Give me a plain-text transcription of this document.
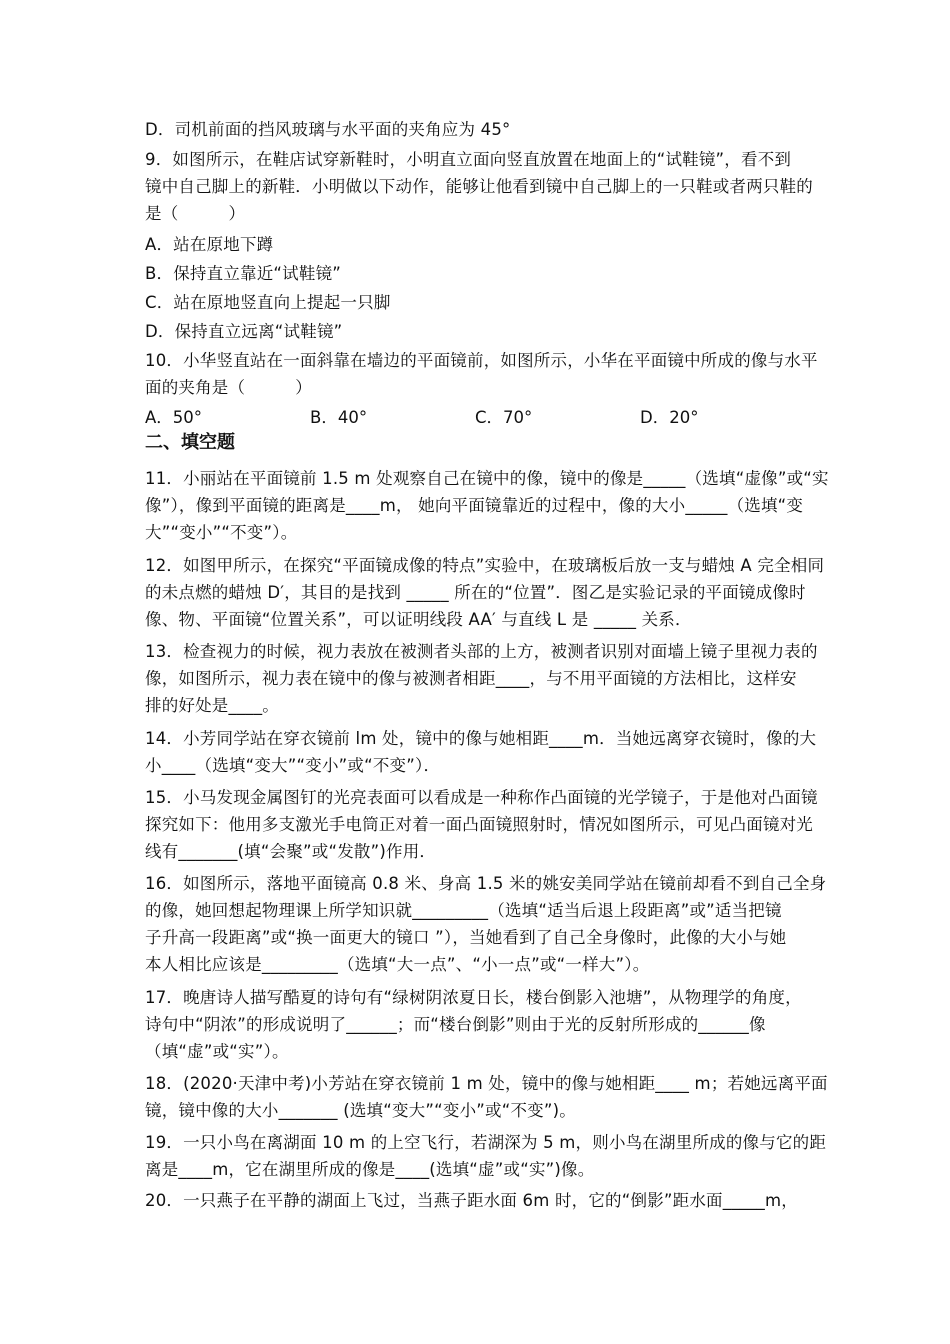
D．司机前面的挡风玻璃与水平面的夹角应为 45°
9．如图所示，在鞋店试穿新鞋时，小明直立面向竖直放置在地面上的“试鞋镜”，看不到
镜中自己脚上的新鞋．小明做以下动作，能够让他看到镜中自己脚上的一只鞋或者两只鞋的
是（　　　）
A．站在原地下蹲
B．保持直立靠近“试鞋镜”
C．站在原地竖直向上提起一只脚
D．保持直立远离“试鞋镜”
10．小华竖直站在一面斜靠在墙边的平面镜前，如图所示，小华在平面镜中所成的像与水平
面的夹角是（　　　）
A．50°	B．40°	C．70°	D．20°
二、填空题
11．小丽站在平面镜前 1.5 m 处观察自己在镜中的像，镜中的像是_____（选填“虚像”或“实
像”），像到平面镜的距离是____m， 她向平面镜靠近的过程中，像的大小_____（选填“变
大”“变小”“不变”）。
12．如图甲所示，在探究“平面镜成像的特点”实验中，在玻璃板后放一支与蜡烛 A 完全相同
的未点燃的蜡烛 D′，其目的是找到 _____ 所在的“位置”．图乙是实验记录的平面镜成像时
像、物、平面镜“位置关系”，可以证明线段 AA′ 与直线 L 是 _____ 关系．
13．检查视力的时候，视力表放在被测者头部的上方，被测者识别对面墙上镜子里视力表的
像，如图所示，视力表在镜中的像与被测者相距____，与不用平面镜的方法相比，这样安
排的好处是____。
14．小芳同学站在穿衣镜前 lm 处，镜中的像与她相距____m．当她远离穿衣镜时，像的大
小____（选填“变大”“变小”或“不变”）．
15．小马发现金属图钉的光亮表面可以看成是一种称作凸面镜的光学镜子，于是他对凸面镜
探究如下：他用多支激光手电筒正对着一面凸面镜照射时，情况如图所示，可见凸面镜对光
线有_______(填“会聚”或“发散”)作用．
16．如图所示，落地平面镜高 0.8 米、身高 1.5 米的姚安美同学站在镜前却看不到自己全身
的像，她回想起物理课上所学知识就_________（选填“适当后退上段距离”或”适当把镜
子升高一段距离”或“换一面更大的镜口 ”），当她看到了自己全身像时，此像的大小与她
本人相比应该是_________（选填“大一点”、“小一点”或“一样大”）。
17．晚唐诗人描写酷夏的诗句有“绿树阴浓夏日长，楼台倒影入池塘”，从物理学的角度，
诗句中“阴浓”的形成说明了______；而“楼台倒影”则由于光的反射所形成的______像
（填“虚”或“实”）。
18．(2020·天津中考)小芳站在穿衣镜前 1 m 处，镜中的像与她相距____ m；若她远离平面
镜，镜中像的大小_______ (选填“变大”“变小”或“不变”)。
19．一只小鸟在离湖面 10 m 的上空飞行，若湖深为 5 m，则小鸟在湖里所成的像与它的距
离是____m，它在湖里所成的像是____(选填“虚”或“实”)像。
20．一只燕子在平静的湖面上飞过，当燕子距水面 6m 时，它的“倒影”距水面_____m，
